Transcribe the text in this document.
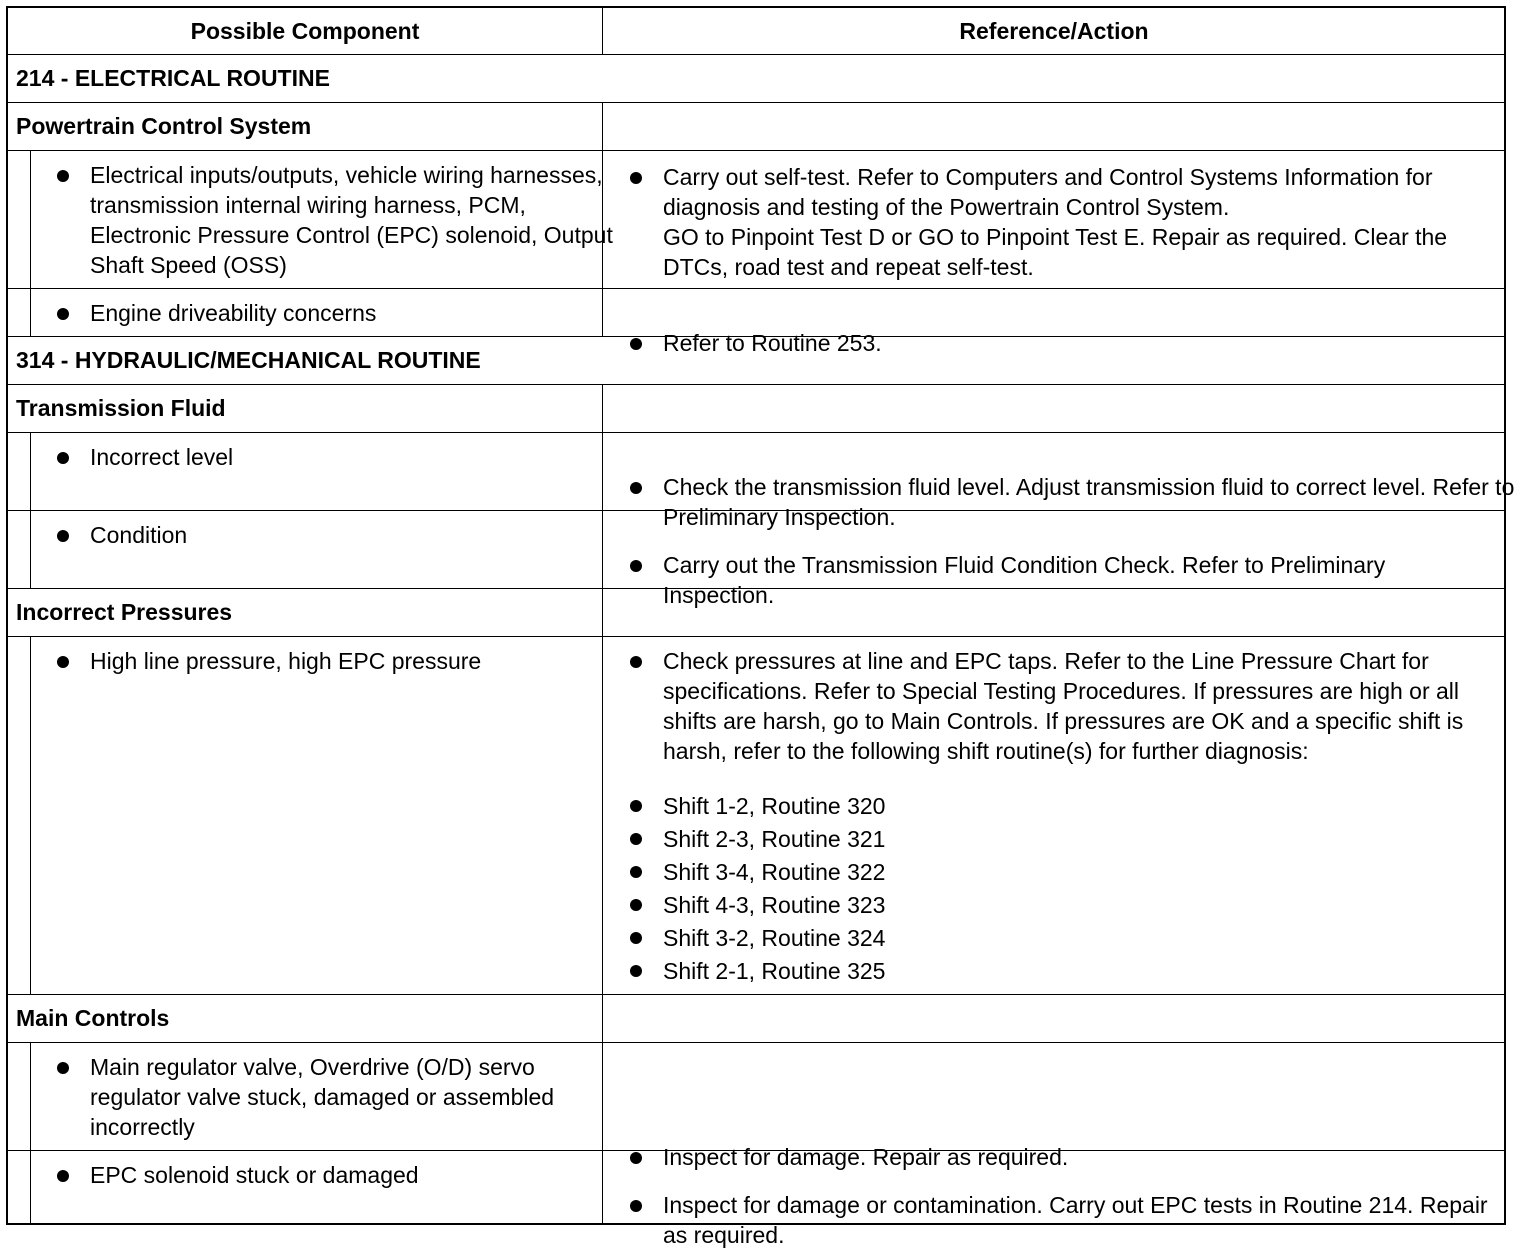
Possible Component	Reference/Action
214 - ELECTRICAL ROUTINE
Powertrain Control System
Electrical inputs/outputs, vehicle wiring harnesses, transmission internal wiring harness, PCM, Electronic Pressure Control (EPC) solenoid, Output Shaft Speed (OSS)
Carry out self-test. Refer to Computers and Control Systems Information for diagnosis and testing of the Powertrain Control System.
GO to Pinpoint Test D or GO to Pinpoint Test E. Repair as required. Clear the DTCs, road test and repeat self-test.
Engine driveability concerns
Refer to Routine 253.
314 - HYDRAULIC/MECHANICAL ROUTINE
Transmission Fluid
Incorrect level
Check the transmission fluid level. Adjust transmission fluid to correct level. Refer to Preliminary Inspection.
Condition
Carry out the Transmission Fluid Condition Check. Refer to Preliminary Inspection.
Incorrect Pressures
High line pressure, high EPC pressure	Check pressures at line and EPC taps. Refer to the Line Pressure Chart for specifications. Refer to Special Testing Procedures. If pressures are high or all shifts are harsh, go to Main Controls. If pressures are OK and a specific shift is harsh, refer to the following shift routine(s) for further diagnosis:
Shift 1-2, Routine 320
Shift 2-3, Routine 321
Shift 3-4, Routine 322
Shift 4-3, Routine 323
Shift 3-2, Routine 324
Shift 2-1, Routine 325
Main Controls
Main regulator valve, Overdrive (O/D) servo regulator valve stuck, damaged or assembled incorrectly
Inspect for damage. Repair as required.
EPC solenoid stuck or damaged
Inspect for damage or contamination. Carry out EPC tests in Routine 214. Repair as required.
